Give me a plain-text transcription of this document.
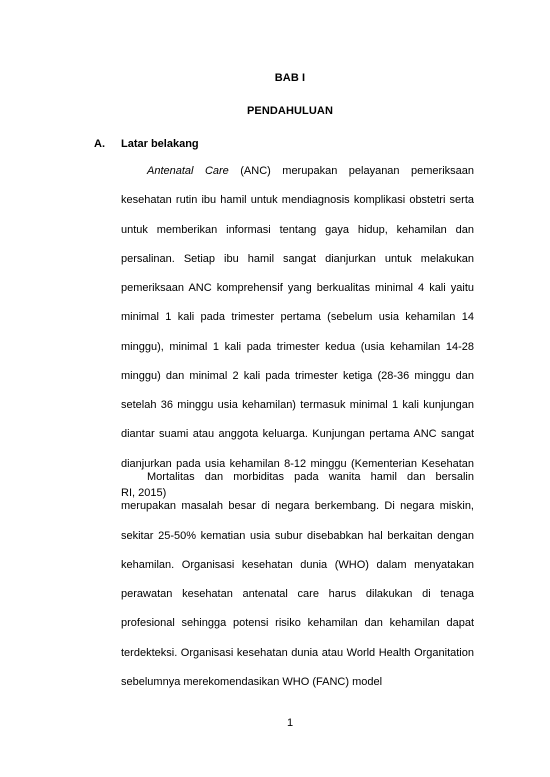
BAB I
PENDAHULUAN
A. Latar belakang

Antenatal Care (ANC) merupakan pelayanan pemeriksaan kesehatan rutin ibu hamil untuk mendiagnosis komplikasi obstetri serta untuk memberikan informasi tentang gaya hidup, kehamilan dan persalinan. Setiap ibu hamil sangat dianjurkan untuk melakukan pemeriksaan ANC komprehensif yang berkualitas minimal 4 kali yaitu minimal 1 kali pada trimester pertama (sebelum usia kehamilan 14 minggu), minimal 1 kali pada trimester kedua (usia kehamilan 14-28 minggu) dan minimal 2 kali pada trimester ketiga (28-36 minggu dan setelah 36 minggu usia kehamilan) termasuk minimal 1 kali kunjungan diantar suami atau anggota keluarga. Kunjungan pertama ANC sangat dianjurkan pada usia kehamilan 8-12 minggu (Kementerian Kesehatan RI, 2015)

Mortalitas dan morbiditas pada wanita hamil dan bersalin merupakan masalah besar di negara berkembang. Di negara miskin, sekitar 25-50% kematian usia subur disebabkan hal berkaitan dengan kehamilan. Organisasi kesehatan dunia (WHO) dalam menyatakan perawatan kesehatan antenatal care harus dilakukan di tenaga profesional sehingga potensi risiko kehamilan dan kehamilan dapat terdekteksi. Organisasi kesehatan dunia atau World Health Organitation sebelumnya merekomendasikan WHO (FANC) model

1
